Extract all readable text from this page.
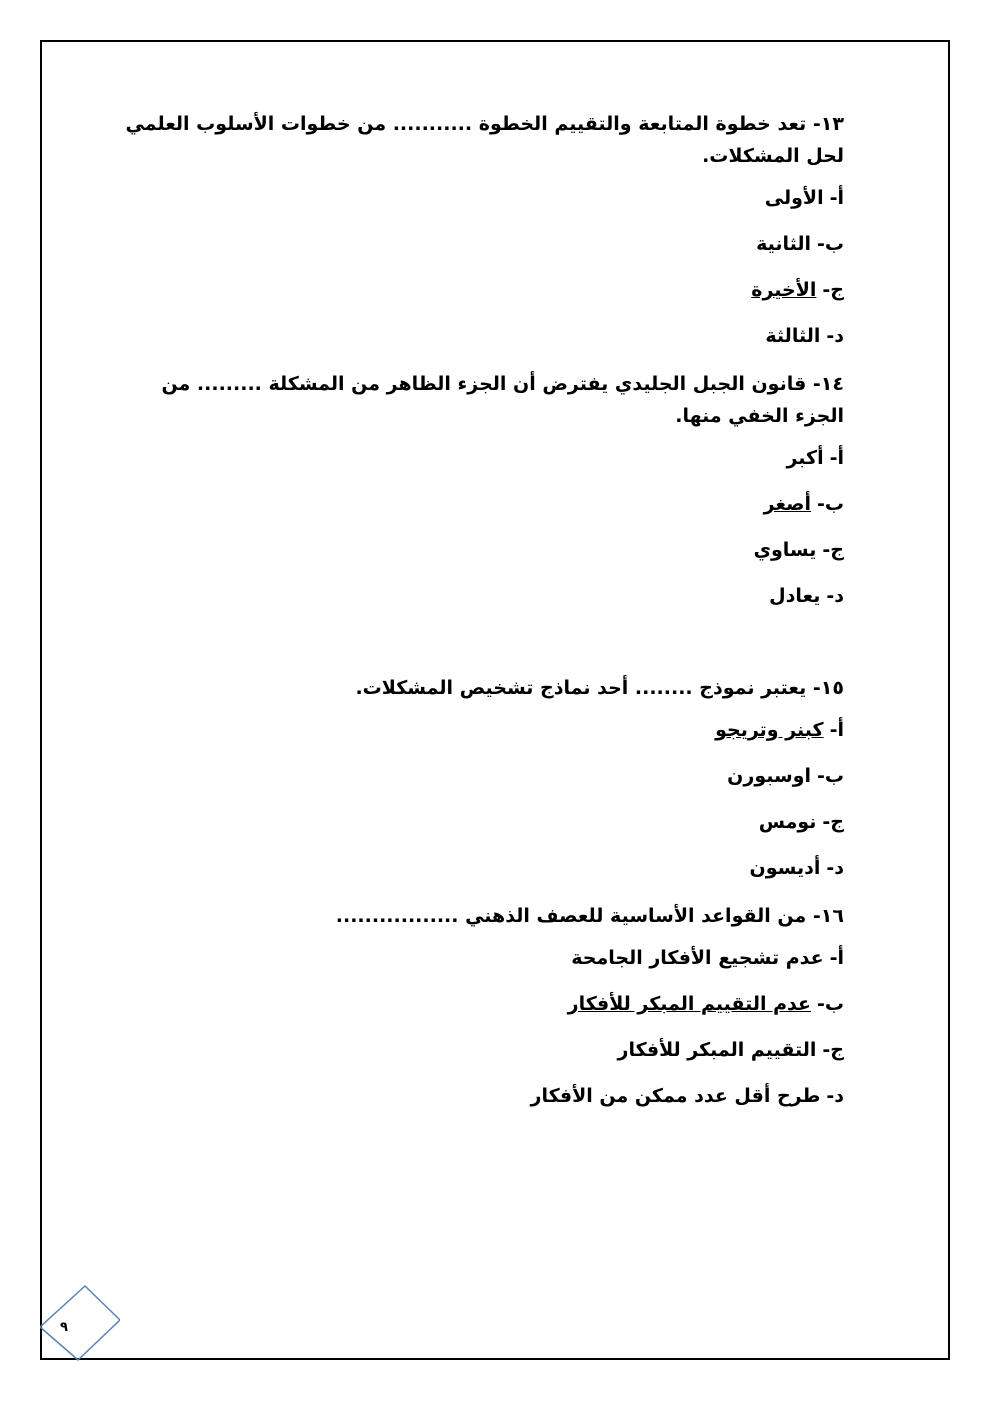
١٣- تعد خطوة المتابعة والتقييم الخطوة ........... من خطوات الأسلوب العلمي لحل المشكلات.
أ-الأولى
ب-الثانية
ج-الأخيرة
د-الثالثة
١٤- قانون الجبل الجليدي يفترض أن الجزء الظاهر من المشكلة ......... من الجزء الخفي منها.
أ-أكبر
ب-أصغر
ج-يساوي
د-يعادل
١٥- يعتبر نموذج ........ أحد نماذج تشخيص المشكلات.
أ-كبنر وتريجو
ب-اوسبورن
ج-نومس
د-أديسون
١٦- من القواعد الأساسية للعصف الذهني .................
أ-عدم تشجيع الأفكار الجامحة
ب-عدم التقييم المبكر للأفكار
ج-التقييم المبكر للأفكار
د-طرح أقل عدد ممكن من الأفكار
٩
